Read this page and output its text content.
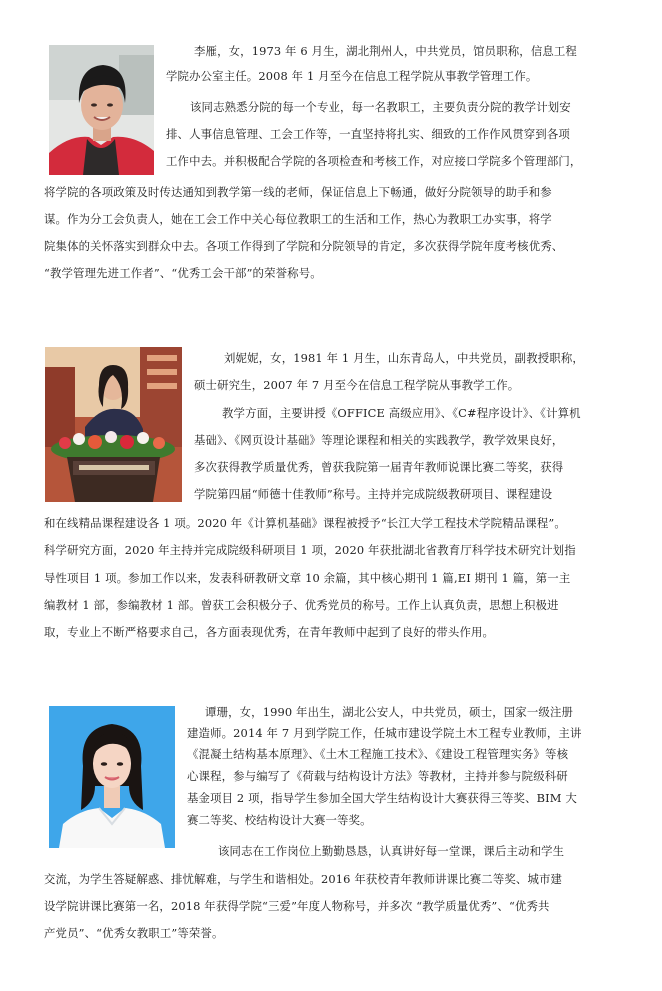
李雁，女，1973 年 6 月生，湖北荆州人，中共党员，馆员职称，信息工程
学院办公室主任。2008 年 1 月至今在信息工程学院从事教学管理工作。
该同志熟悉分院的每一个专业，每一名教职工，主要负责分院的教学计划安
排、人事信息管理、工会工作等，一直坚持将扎实、细致的工作作风贯穿到各项
工作中去。并积极配合学院的各项检查和考核工作，对应接口学院多个管理部门，
将学院的各项政策及时传达通知到教学第一线的老师，保证信息上下畅通，做好分院领导的助手和参
谋。作为分工会负责人，她在工会工作中关心每位教职工的生活和工作，热心为教职工办实事，将学
院集体的关怀落实到群众中去。各项工作得到了学院和分院领导的肯定，多次获得学院年度考核优秀、
“教学管理先进工作者”、“优秀工会干部”的荣誉称号。
刘妮妮，女，1981 年 1 月生，山东青岛人，中共党员，副教授职称，
硕士研究生，2007 年 7 月至今在信息工程学院从事教学工作。
教学方面，主要讲授《OFFICE 高级应用》、《C#程序设计》、《计算机
基础》、《网页设计基础》等理论课程和相关的实践教学，教学效果良好，
多次获得教学质量优秀，曾获我院第一届青年教师说课比赛二等奖，获得
学院第四届“师德十佳教师”称号。主持并完成院级教研项目、课程建设
和在线精品课程建设各 1 项。2020 年《计算机基础》课程被授予“长江大学工程技术学院精品课程”。
科学研究方面，2020 年主持并完成院级科研项目 1 项，2020 年获批湖北省教育厅科学技术研究计划指
导性项目 1 项。参加工作以来，发表科研教研文章 10 余篇，其中核心期刊 1 篇,EI 期刊 1 篇，第一主
编教材 1 部，参编教材 1 部。曾获工会积极分子、优秀党员的称号。工作上认真负责，思想上积极进
取，专业上不断严格要求自己，各方面表现优秀，在青年教师中起到了良好的带头作用。
谭珊，女，1990 年出生，湖北公安人，中共党员，硕士，国家一级注册
建造师。2014 年 7 月到学院工作，任城市建设学院土木工程专业教师，主讲
《混凝土结构基本原理》、《土木工程施工技术》、《建设工程管理实务》等核
心课程，参与编写了《荷载与结构设计方法》等教材，主持并参与院级科研
基金项目 2 项，指导学生参加全国大学生结构设计大赛获得三等奖、BIM 大
赛二等奖、校结构设计大赛一等奖。
该同志在工作岗位上勤勤恳恳，认真讲好每一堂课，课后主动和学生
交流，为学生答疑解惑、排忧解难，与学生和谐相处。2016 年获校青年教师讲课比赛二等奖、城市建
设学院讲课比赛第一名，2018 年获得学院“三爱”年度人物称号，并多次 “教学质量优秀”、“优秀共
产党员”、“优秀女教职工”等荣誉。
